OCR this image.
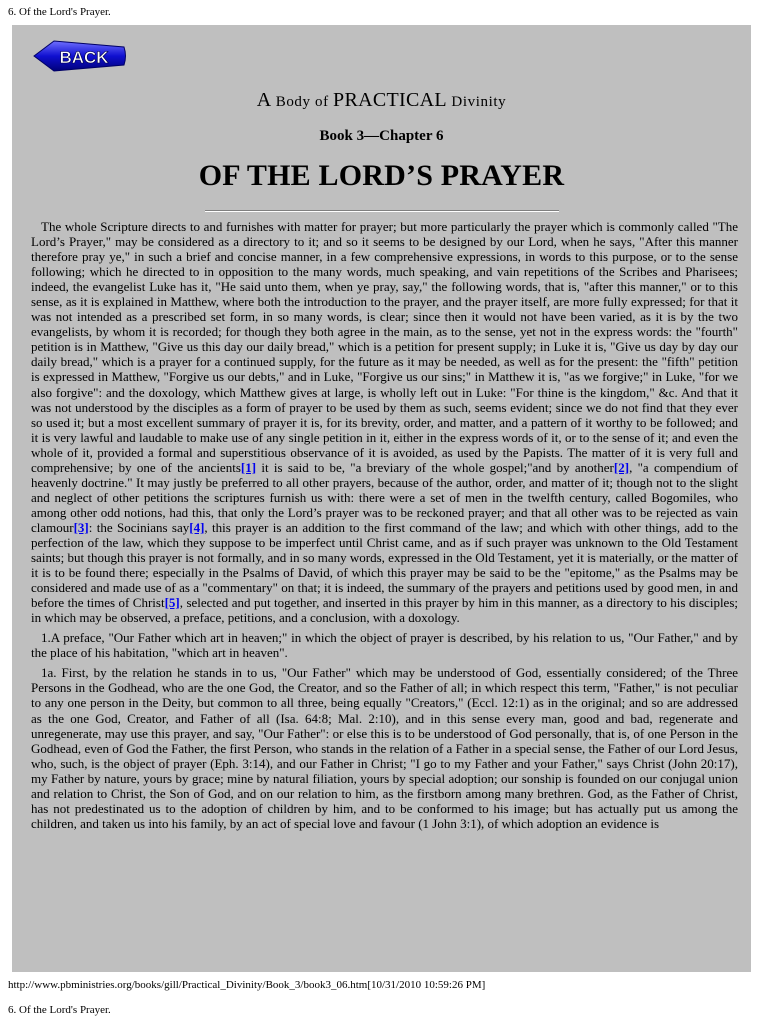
6. Of the Lord's Prayer.
BACK
A Body of PRACTICAL Divinity
Book 3—Chapter 6
OF THE LORD’S PRAYER

The whole Scripture directs to and furnishes with matter for prayer; but more particularly the prayer which is commonly called "The Lord’s Prayer," may be considered as a directory to it; and so it seems to be designed by our Lord, when he says, "After this manner therefore pray ye," in such a brief and concise manner, in a few comprehensive expressions, in words to this purpose, or to the sense following; which he directed to in opposition to the many words, much speaking, and vain repetitions of the Scribes and Pharisees; indeed, the evangelist Luke has it, "He said unto them, when ye pray, say," the following words, that is, "after this manner," or to this sense, as it is explained in Matthew, where both the introduction to the prayer, and the prayer itself, are more fully expressed; for that it was not intended as a prescribed set form, in so many words, is clear; since then it would not have been varied, as it is by the two evangelists, by whom it is recorded; for though they both agree in the main, as to the sense, yet not in the express words: the "fourth" petition is in Matthew, "Give us this day our daily bread," which is a petition for present supply; in Luke it is, "Give us day by day our daily bread," which is a prayer for a continued supply, for the future as it may be needed, as well as for the present: the "fifth" petition is expressed in Matthew, "Forgive us our debts," and in Luke, "Forgive us our sins;" in Matthew it is, "as we forgive;" in Luke, "for we also forgive": and the doxology, which Matthew gives at large, is wholly left out in Luke: "For thine is the kingdom," &c. And that it was not understood by the disciples as a form of prayer to be used by them as such, seems evident; since we do not find that they ever so used it; but a most excellent summary of prayer it is, for its brevity, order, and matter, and a pattern of it worthy to be followed; and it is very lawful and laudable to make use of any single petition in it, either in the express words of it, or to the sense of it; and even the whole of it, provided a formal and superstitious observance of it is avoided, as used by the Papists. The matter of it is very full and comprehensive; by one of the ancients[1] it is said to be, "a breviary of the whole gospel;"and by another[2], "a compendium of heavenly doctrine." It may justly be preferred to all other prayers, because of the author, order, and matter of it; though not to the slight and neglect of other petitions the scriptures furnish us with: there were a set of men in the twelfth century, called Bogomiles, who among other odd notions, had this, that only the Lord’s prayer was to be reckoned prayer; and that all other was to be rejected as vain clamour[3]: the Socinians say[4], this prayer is an addition to the first command of the law; and which with other things, add to the perfection of the law, which they suppose to be imperfect until Christ came, and as if such prayer was unknown to the Old Testament saints; but though this prayer is not formally, and in so many words, expressed in the Old Testament, yet it is materially, or the matter of it is to be found there; especially in the Psalms of David, of which this prayer may be said to be the "epitome," as the Psalms may be considered and made use of as a "commentary" on that; it is indeed, the summary of the prayers and petitions used by good men, in and before the times of Christ[5], selected and put together, and inserted in this prayer by him in this manner, as a directory to his disciples; in which may be observed, a preface, petitions, and a conclusion, with a doxology.

1.A preface, "Our Father which art in heaven;" in which the object of prayer is described, by his relation to us, "Our Father," and by the place of his habitation, "which art in heaven".

1a. First, by the relation he stands in to us, "Our Father" which may be understood of God, essentially considered; of the Three Persons in the Godhead, who are the one God, the Creator, and so the Father of all; in which respect this term, "Father," is not peculiar to any one person in the Deity, but common to all three, being equally "Creators," (Eccl. 12:1) as in the original; and so are addressed as the one God, Creator, and Father of all (Isa. 64:8; Mal. 2:10), and in this sense every man, good and bad, regenerate and unregenerate, may use this prayer, and say, "Our Father": or else this is to be understood of God personally, that is, of one Person in the Godhead, even of God the Father, the first Person, who stands in the relation of a Father in a special sense, the Father of our Lord Jesus, who, such, is the object of prayer (Eph. 3:14), and our Father in Christ; "I go to my Father and your Father," says Christ (John 20:17), my Father by nature, yours by grace; mine by natural filiation, yours by special adoption; our sonship is founded on our conjugal union and relation to Christ, the Son of God, and on our relation to him, as the firstborn among many brethren. God, as the Father of Christ, has not predestinated us to the adoption of children by him, and to be conformed to his image; but has actually put us among the children, and taken us into his family, by an act of special love and favour (1 John 3:1), of which adoption an evidence is

http://www.pbministries.org/books/gill/Practical_Divinity/Book_3/book3_06.htm[10/31/2010 10:59:26 PM]
6. Of the Lord's Prayer.
